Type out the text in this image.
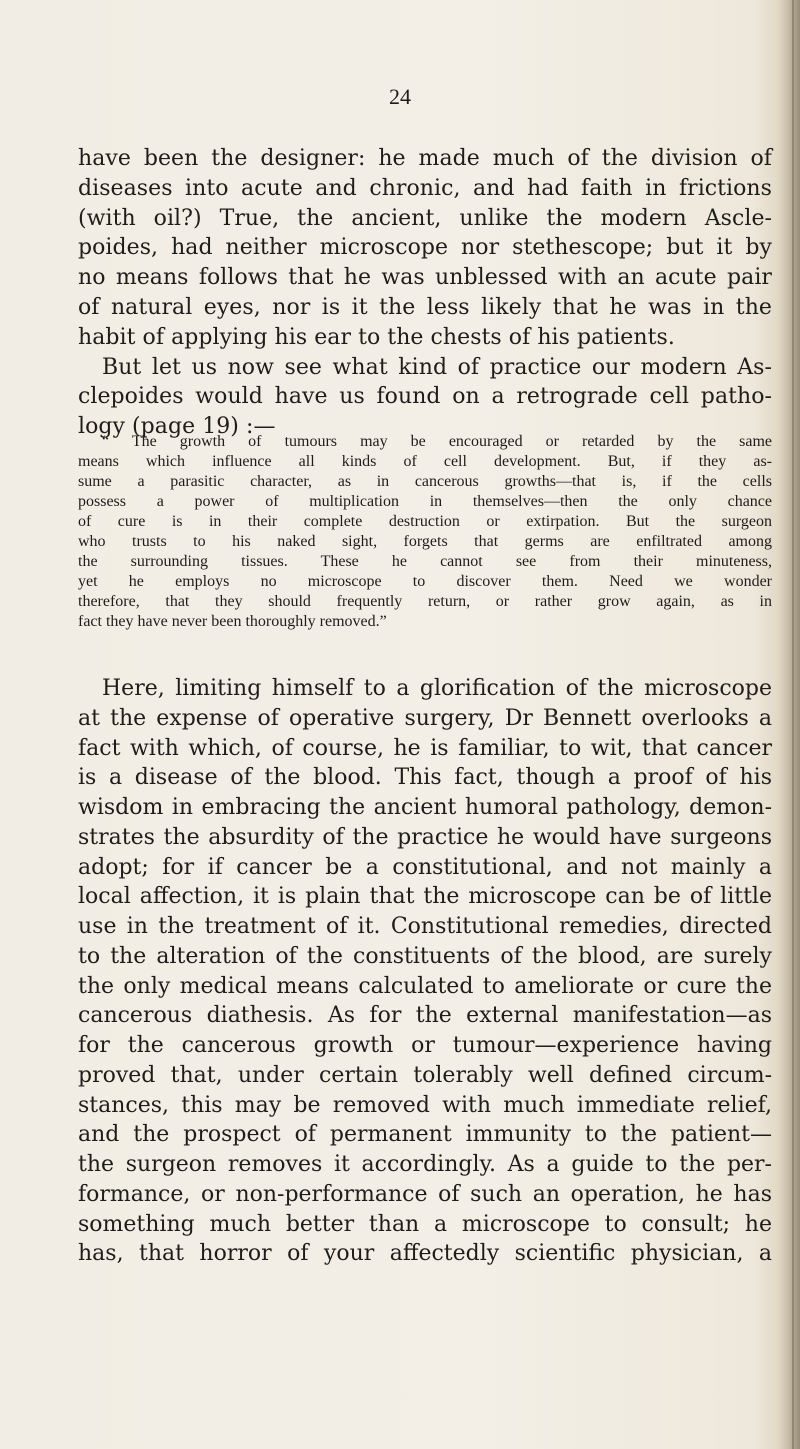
24
have been the designer: he made much of the division of
diseases into acute and chronic, and had faith in frictions
(with oil?) True, the ancient, unlike the modern Ascle-
poides, had neither microscope nor stethescope; but it by
no means follows that he was unblessed with an acute pair
of natural eyes, nor is it the less likely that he was in the
habit of applying his ear to the chests of his patients.
But let us now see what kind of practice our modern As-
clepoides would have us found on a retrograde cell patho-
logy (page 19) :—
“ The growth of tumours may be encouraged or retarded by the same
means which influence all kinds of cell development. But, if they as-
sume a parasitic character, as in cancerous growths—that is, if the cells
possess a power of multiplication in themselves—then the only chance
of cure is in their complete destruction or extirpation. But the surgeon
who trusts to his naked sight, forgets that germs are enfiltrated among
the surrounding tissues. These he cannot see from their minuteness,
yet he employs no microscope to discover them. Need we wonder
therefore, that they should frequently return, or rather grow again, as in
fact they have never been thoroughly removed.”
Here, limiting himself to a glorification of the microscope
at the expense of operative surgery, Dr Bennett overlooks a
fact with which, of course, he is familiar, to wit, that cancer
is a disease of the blood. This fact, though a proof of his
wisdom in embracing the ancient humoral pathology, demon-
strates the absurdity of the practice he would have surgeons
adopt; for if cancer be a constitutional, and not mainly a
local affection, it is plain that the microscope can be of little
use in the treatment of it. Constitutional remedies, directed
to the alteration of the constituents of the blood, are surely
the only medical means calculated to ameliorate or cure the
cancerous diathesis. As for the external manifestation—as
for the cancerous growth or tumour—experience having
proved that, under certain tolerably well defined circum-
stances, this may be removed with much immediate relief,
and the prospect of permanent immunity to the patient—
the surgeon removes it accordingly. As a guide to the per-
formance, or non-performance of such an operation, he has
something much better than a microscope to consult; he
has, that horror of your affectedly scientific physician, a
